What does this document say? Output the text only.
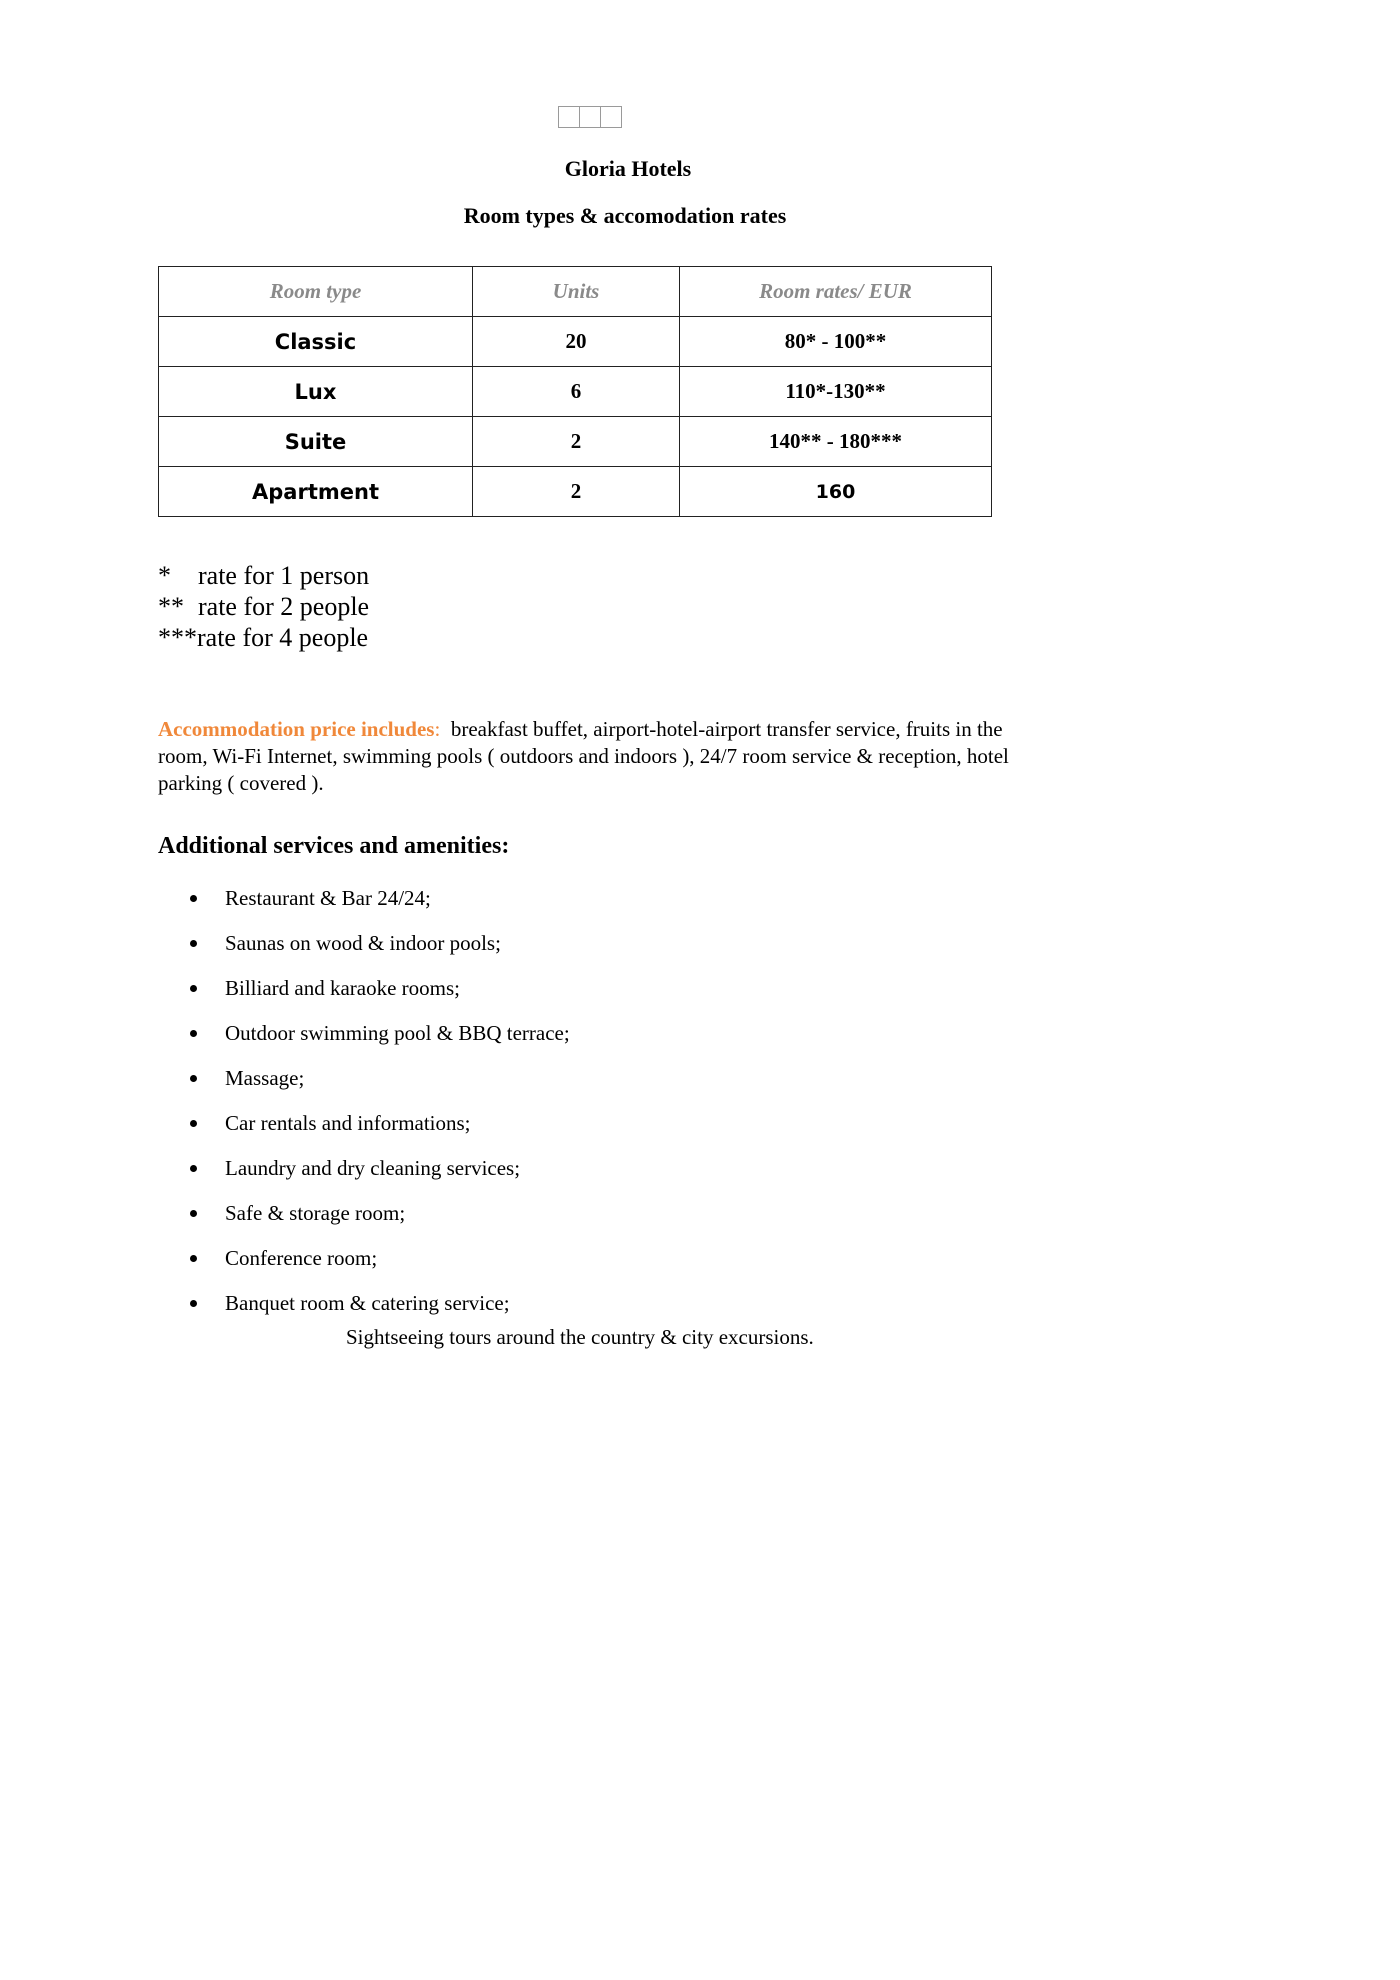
Gloria Hotels
Room types & accomodation rates
Room type	Units	Room rates/ EUR
Classic	20	80* - 100**
Lux	6	110*-130**
Suite	2	140** - 180***
Apartment	2	160
*	rate for 1 person
** rate for 2 people
*** rate for 4 people
Accommodation price includes: breakfast buffet, airport-hotel-airport transfer service, fruits in the room, Wi-Fi Internet, swimming pools ( outdoors and indoors ), 24/7 room service & reception, hotel parking ( covered ).
Additional services and amenities:
Restaurant & Bar 24/24;
Saunas on wood & indoor pools;
Billiard and karaoke rooms;
Outdoor swimming pool & BBQ terrace;
Massage;
Car rentals and informations;
Laundry and dry cleaning services;
Safe & storage room;
Conference room;
Banquet room & catering service;
Sightseeing tours around the country & city excursions.
